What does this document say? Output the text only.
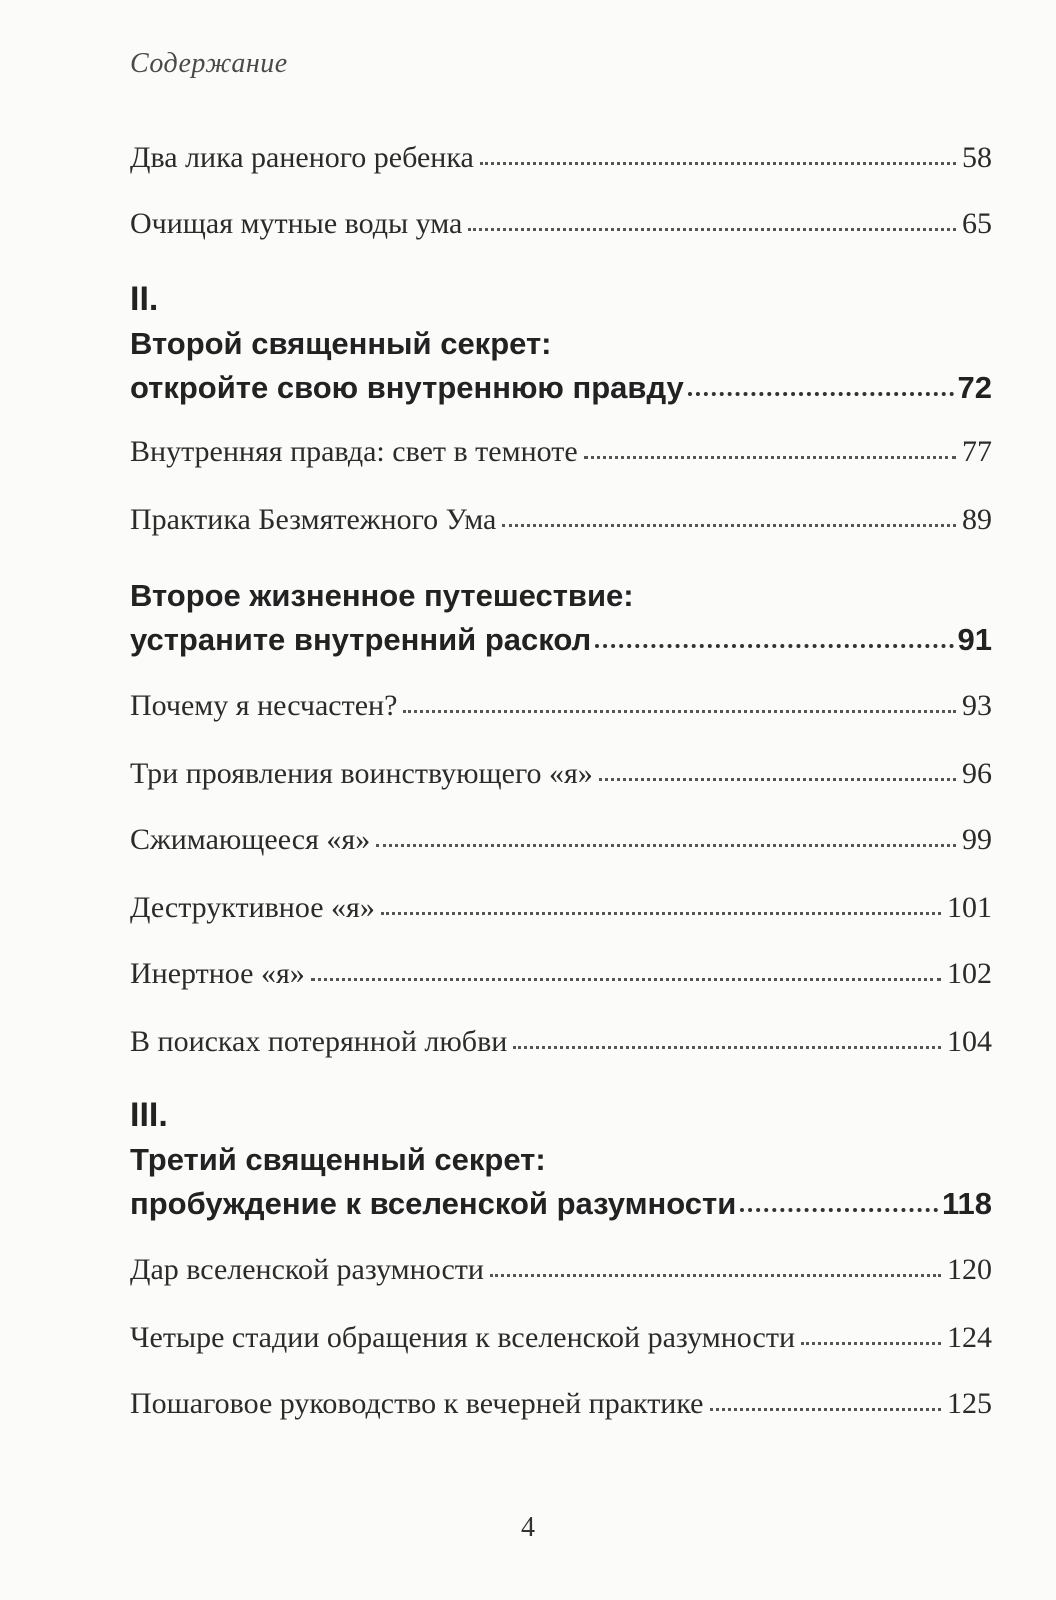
Содержание
Два лика раненого ребенка	58
Очищая мутные воды ума	65
II.
Второй священный секрет:
откройте свою внутреннюю правду	72
Внутренняя правда: свет в темноте	77
Практика Безмятежного Ума	89
Второе жизненное путешествие:
устраните внутренний раскол	91
Почему я несчастен?	93
Три проявления воинствующего «я»	96
Сжимающееся «я»	99
Деструктивное «я»	101
Инертное «я»	102
В поисках потерянной любви	104
III.
Третий священный секрет:
пробуждение к вселенской разумности	118
Дар вселенской разумности	120
Четыре стадии обращения к вселенской разумности	124
Пошаговое руководство к вечерней практике	125
4
